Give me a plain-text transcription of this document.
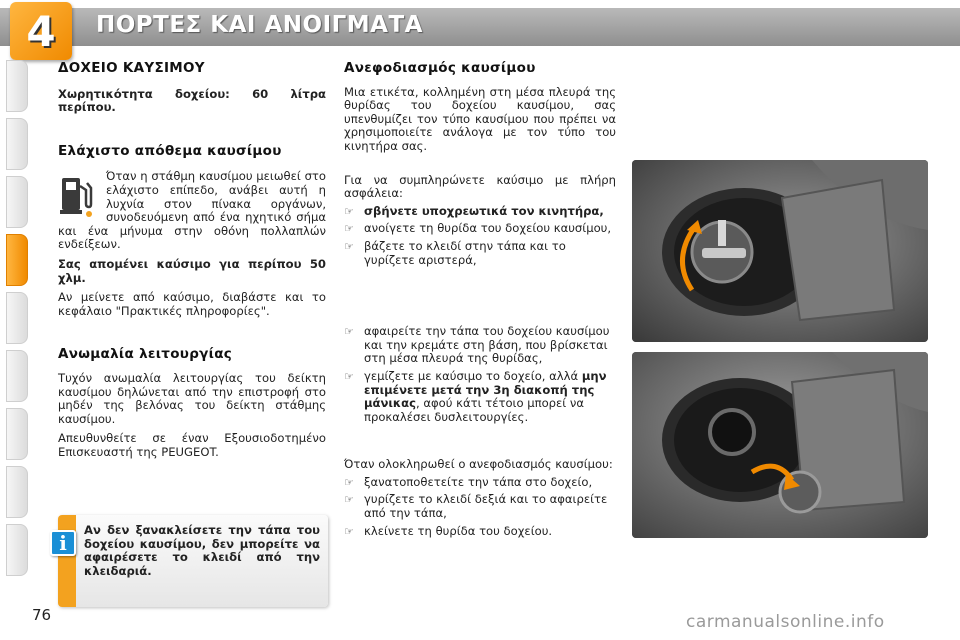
4 ΠΟΡΤΕΣ ΚΑΙ ΑΝΟΙΓΜΑΤΑ
ΔΟΧΕΙΟ ΚΑΥΣΙΜΟΥ

Χωρητικότητα δοχείου: 60 λίτρα περίπου.

Ελάχιστο απόθεμα καυσίμου

Όταν η στάθμη καυσίμου μειωθεί στο ελάχιστο επίπεδο, ανάβει αυτή η λυχνία στον πίνακα οργάνων, συνοδευόμενη από ένα ηχητικό σήμα και ένα μήνυμα στην οθόνη πολλαπλών ενδείξεων.

Σας απομένει καύσιμο για περίπου 50 χλμ.

Αν μείνετε από καύσιμο, διαβάστε και το κεφάλαιο "Πρακτικές πληροφορίες".

Ανωμαλία λειτουργίας

Τυχόν ανωμαλία λειτουργίας του δείκτη καυσίμου δηλώνεται από την επιστροφή στο μηδέν της βελόνας του δείκτη στάθμης καυσίμου.

Απευθυνθείτε σε έναν Εξουσιοδοτημένο Επισκευαστή της PEUGEOT.

i

Αν δεν ξανακλείσετε την τάπα του δοχείου καυσίμου, δεν μπορείτε να αφαιρέσετε το κλειδί από την κλειδαριά.

Ανεφοδιασμός καυσίμου

Μια ετικέτα, κολλημένη στη μέσα πλευρά της θυρίδας του δοχείου καυσίμου, σας υπενθυμίζει τον τύπο καυσίμου που πρέπει να χρησιμοποιείτε ανάλογα με τον τύπο του κινητήρα σας.

Για να συμπληρώνετε καύσιμο με πλήρη ασφάλεια:

☞ σβήνετε υποχρεωτικά τον κινητήρα,
☞ ανοίγετε τη θυρίδα του δοχείου καυσίμου,
☞ βάζετε το κλειδί στην τάπα και το γυρίζετε αριστερά,
☞ αφαιρείτε την τάπα του δοχείου καυσίμου και την κρεμάτε στη βάση, που βρίσκεται στη μέσα πλευρά της θυρίδας,
☞ γεμίζετε με καύσιμο το δοχείο, αλλά μην επιμένετε μετά την 3η διακοπή της μάνικας, αφού κάτι τέτοιο μπορεί να προκαλέσει δυσλειτουργίες.

Όταν ολοκληρωθεί ο ανεφοδιασμός καυσίμου:

☞ ξανατοποθετείτε την τάπα στο δοχείο,
☞ γυρίζετε το κλειδί δεξιά και το αφαιρείτε από την τάπα,
☞ κλείνετε τη θυρίδα του δοχείου.
76	carmanualsonline.info
